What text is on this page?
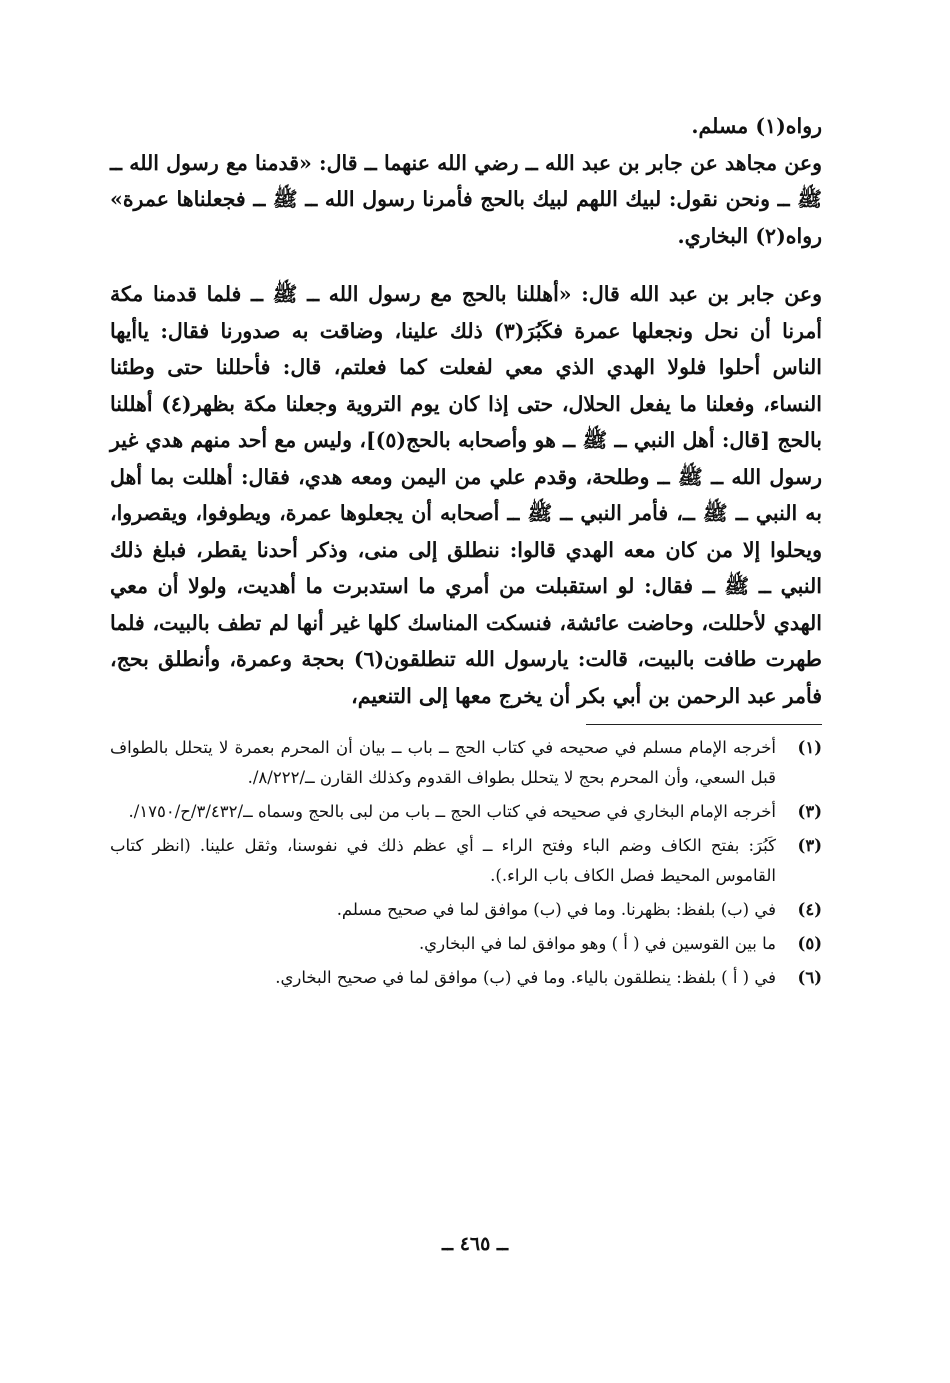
رواه(١) مسلم.

وعن مجاهد عن جابر بن عبد الله ــ رضي الله عنهما ــ قال: «قدمنا مع رسول الله ــ ﷺ ــ ونحن نقول: لبيك اللهم لبيك بالحج فأمرنا رسول الله ــ ﷺ ــ فجعلناها عمرة» رواه(٢) البخاري.

وعن جابر بن عبد الله قال: «أهللنا بالحج مع رسول الله ــ ﷺ ــ فلما قدمنا مكة أمرنا أن نحل ونجعلها عمرة فكَبُرَ(٣) ذلك علينا، وضاقت به صدورنا فقال: ياأيها الناس أحلوا فلولا الهدي الذي معي لفعلت كما فعلتم، قال: فأحللنا حتى وطئنا النساء، وفعلنا ما يفعل الحلال، حتى إذا كان يوم التروية وجعلنا مكة بظهر(٤) أهللنا بالحج [قال: أهل النبي ــ ﷺ ــ هو وأصحابه بالحج(٥)]، وليس مع أحد منهم هدي غير رسول الله ــ ﷺ ــ وطلحة، وقدم علي من اليمن ومعه هدي، فقال: أهللت بما أهل به النبي ــ ﷺ ــ، فأمر النبي ــ ﷺ ــ أصحابه أن يجعلوها عمرة، ويطوفوا، ويقصروا، ويحلوا إلا من كان معه الهدي قالوا: ننطلق إلى منى، وذكر أحدنا يقطر، فبلغ ذلك النبي ــ ﷺ ــ فقال: لو استقبلت من أمري ما استدبرت ما أهديت، ولولا أن معي الهدي لأحللت، وحاضت عائشة، فنسكت المناسك كلها غير أنها لم تطف بالبيت، فلما طهرت طافت بالبيت، قالت: يارسول الله تنطلقون(٦) بحجة وعمرة، وأنطلق بحج، فأمر عبد الرحمن بن أبي بكر أن يخرج معها إلى التنعيم،

(١)
أخرجه الإمام مسلم في صحيحه في كتاب الحج ــ باب ــ بيان أن المحرم بعمرة لا يتحلل بالطواف قبل السعي، وأن المحرم بحج لا يتحلل بطواف القدوم وكذلك القارن ــ/٨/٢٢٢/.
(٣)
أخرجه الإمام البخاري في صحيحه في كتاب الحج ــ باب من لبى بالحج وسماه ــ/٣/٤٣٢/ح/١٧٥٠/.
(٣)
كَبُرَ: بفتح الكاف وضم الباء وفتح الراء ــ أي عظم ذلك في نفوسنا، وثقل علينا. (انظر كتاب القاموس المحيط فصل الكاف باب الراء.).
(٤)
في (ب) بلفظ: بظهرنا. وما في (ب) موافق لما في صحيح مسلم.
(٥)
ما بين القوسين في ( أ ) وهو موافق لما في البخاري.
(٦)
في ( أ ) بلفظ: ينطلقون بالياء. وما في (ب) موافق لما في صحيح البخاري.
ــ ٤٦٥ ــ
